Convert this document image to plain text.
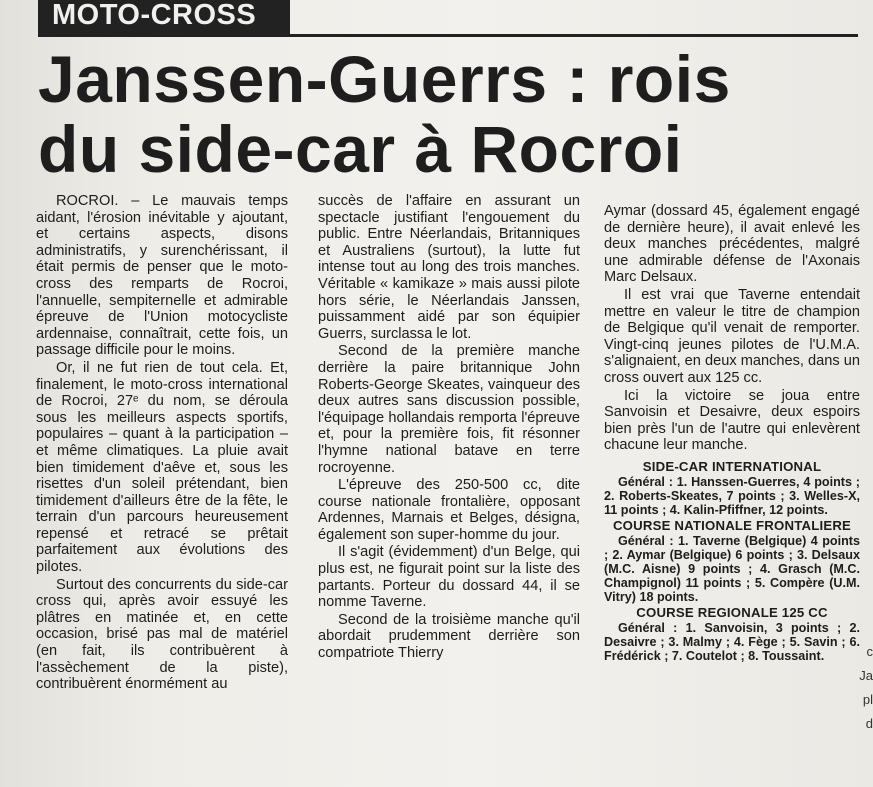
MOTO-CROSS
Janssen-Guerrs : rois
du side-car à Rocroi

ROCROI. – Le mauvais temps aidant, l'érosion inévitable y ajoutant, et certains aspects, disons administratifs, y surenchérissant, il était permis de penser que le moto-cross des remparts de Rocroi, l'annuelle, sempiternelle et admirable épreuve de l'Union motocycliste ardennaise, connaîtrait, cette fois, un passage difficile pour le moins.

Or, il ne fut rien de tout cela. Et, finalement, le moto-cross international de Rocroi, 27ᵉ du nom, se déroula sous les meilleurs aspects sportifs, populaires – quant à la participation – et même climatiques. La pluie avait bien timidement d'aêve et, sous les risettes d'un soleil prétendant, bien timidement d'ailleurs être de la fête, le terrain d'un parcours heureusement repensé et retracé se prêtait parfaitement aux évolutions des pilotes.

Surtout des concurrents du side-car cross qui, après avoir essuyé les plâtres en matinée et, en cette occasion, brisé pas mal de matériel (en fait, ils contribuèrent à l'assèchement de la piste), contribuèrent énormément au

succès de l'affaire en assurant un spectacle justifiant l'engouement du public. Entre Néerlandais, Britanniques et Australiens (surtout), la lutte fut intense tout au long des trois manches. Véritable « kamikaze » mais aussi pilote hors série, le Néerlandais Janssen, puissamment aidé par son équipier Guerrs, surclassa le lot.

Second de la première manche derrière la paire britannique John Roberts-George Skeates, vainqueur des deux autres sans discussion possible, l'équipage hollandais remporta l'épreuve et, pour la première fois, fit résonner l'hymne national batave en terre rocroyenne.

L'épreuve des 250-500 cc, dite course nationale frontalière, opposant Ardennes, Marnais et Belges, désigna, également son super-homme du jour.

Il s'agit (évidemment) d'un Belge, qui plus est, ne figurait point sur la liste des partants. Porteur du dossard 44, il se nomme Taverne.

Second de la troisième manche qu'il abordait prudemment derrière son compatriote Thierry

Aymar (dossard 45, également engagé de dernière heure), il avait enlevé les deux manches précédentes, malgré une admirable défense de l'Axonais Marc Delsaux.

Il est vrai que Taverne entendait mettre en valeur le titre de champion de Belgique qu'il venait de remporter. Vingt-cinq jeunes pilotes de l'U.M.A. s'alignaient, en deux manches, dans un cross ouvert aux 125 cc.

Ici la victoire se joua entre Sanvoisin et Desaivre, deux espoirs bien près l'un de l'autre qui enlevèrent chacune leur manche.

SIDE-CAR INTERNATIONAL

Général : 1. Hanssen-Guerres, 4 points ; 2. Roberts-Skeates, 7 points ; 3. Welles-X, 11 points ; 4. Kalin-Pfiffner, 12 points.

COURSE NATIONALE FRONTALIERE

Général : 1. Taverne (Belgique) 4 points ; 2. Aymar (Belgique) 6 points ; 3. Delsaux (M.C. Aisne) 9 points ; 4. Grasch (M.C. Champignol) 11 points ; 5. Compère (U.M. Vitry) 18 points.

COURSE REGIONALE 125 CC

Général : 1. Sanvoisin, 3 points ; 2. Desaivre ; 3. Malmy ; 4. Fège ; 5. Savin ; 6. Frédérick ; 7. Coutelot ; 8. Toussaint.	c
Ja
pl
d
